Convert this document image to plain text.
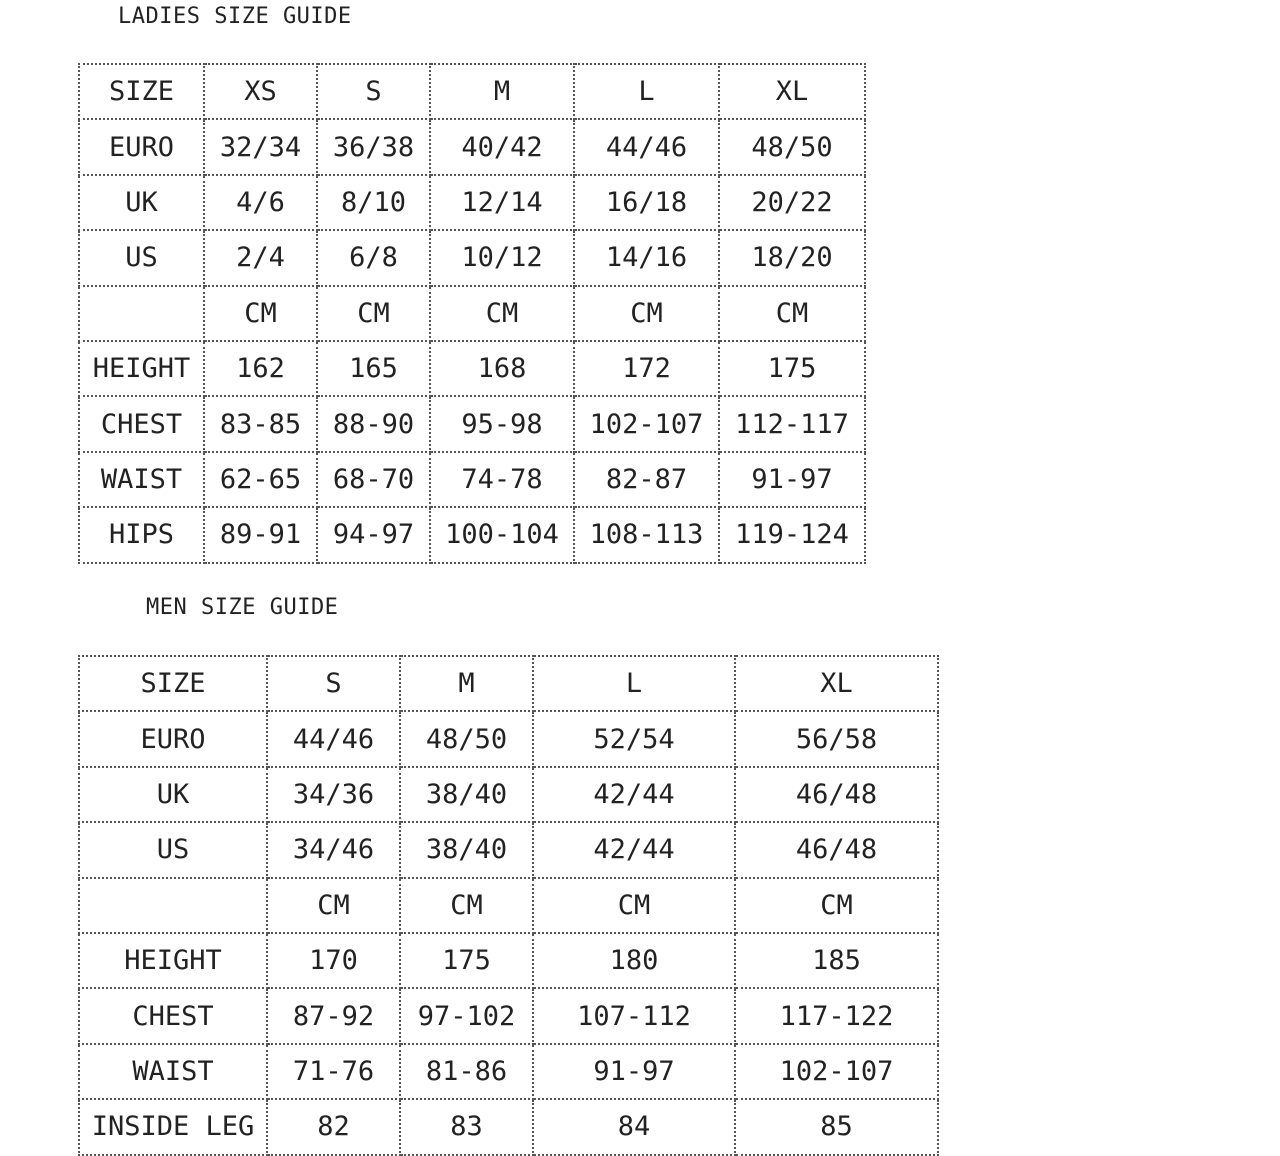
LADIES SIZE GUIDE
SIZE	XS	S	M	L	XL
EURO	32/34	36/38	40/42	44/46	48/50
UK	4/6	8/10	12/14	16/18	20/22
US	2/4	6/8	10/12	14/16	18/20
	CM	CM	CM	CM	CM
HEIGHT	162	165	168	172	175
CHEST	83-85	88-90	95-98	102-107	112-117
WAIST	62-65	68-70	74-78	82-87	91-97
HIPS	89-91	94-97	100-104	108-113	119-124
MEN SIZE GUIDE
SIZE	S	M	L	XL
EURO	44/46	48/50	52/54	56/58
UK	34/36	38/40	42/44	46/48
US	34/46	38/40	42/44	46/48
	CM	CM	CM	CM
HEIGHT	170	175	180	185
CHEST	87-92	97-102	107-112	117-122
WAIST	71-76	81-86	91-97	102-107
INSIDE LEG	82	83	84	85
